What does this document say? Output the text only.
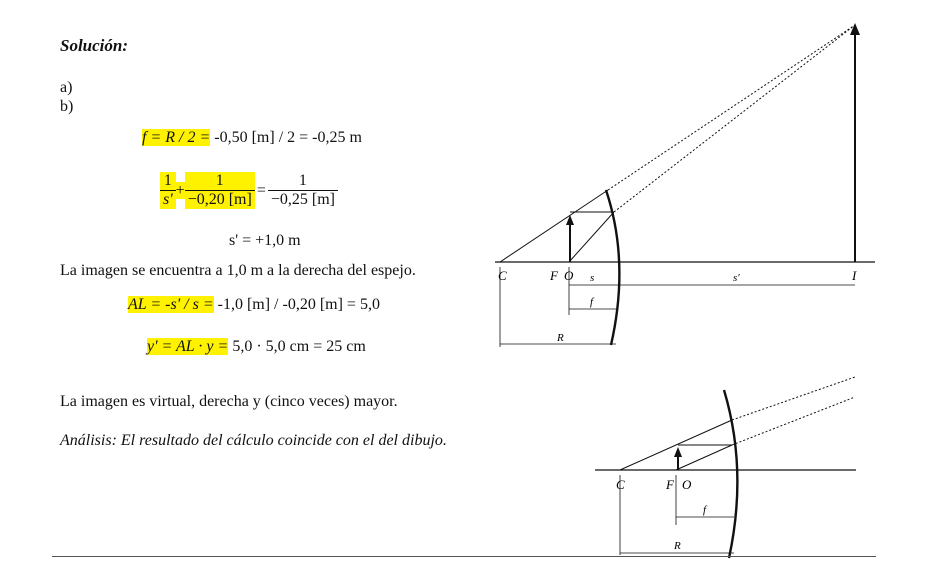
Solución:
a)
b)
f = R / 2 = -0,50 [m] / 2 = -0,25 m
$\frac{1}{s'} + \frac{1}{-0,20 [m]} = \frac{1}{-0,25 [m]}$
s' = +1,0 m
La imagen se encuentra a 1,0 m a la derecha del espejo.
AL = -s' / s = -1,0 [m] / -0,20 [m] = 5,0
y' = AL · y = 5,0 · 5,0 cm = 25 cm
La imagen es virtual, derecha y (cinco veces) mayor.
Análisis: El resultado del cálculo coincide con el del dibujo.
C	F O s	s'
f
R
I
C	F O
f
R
